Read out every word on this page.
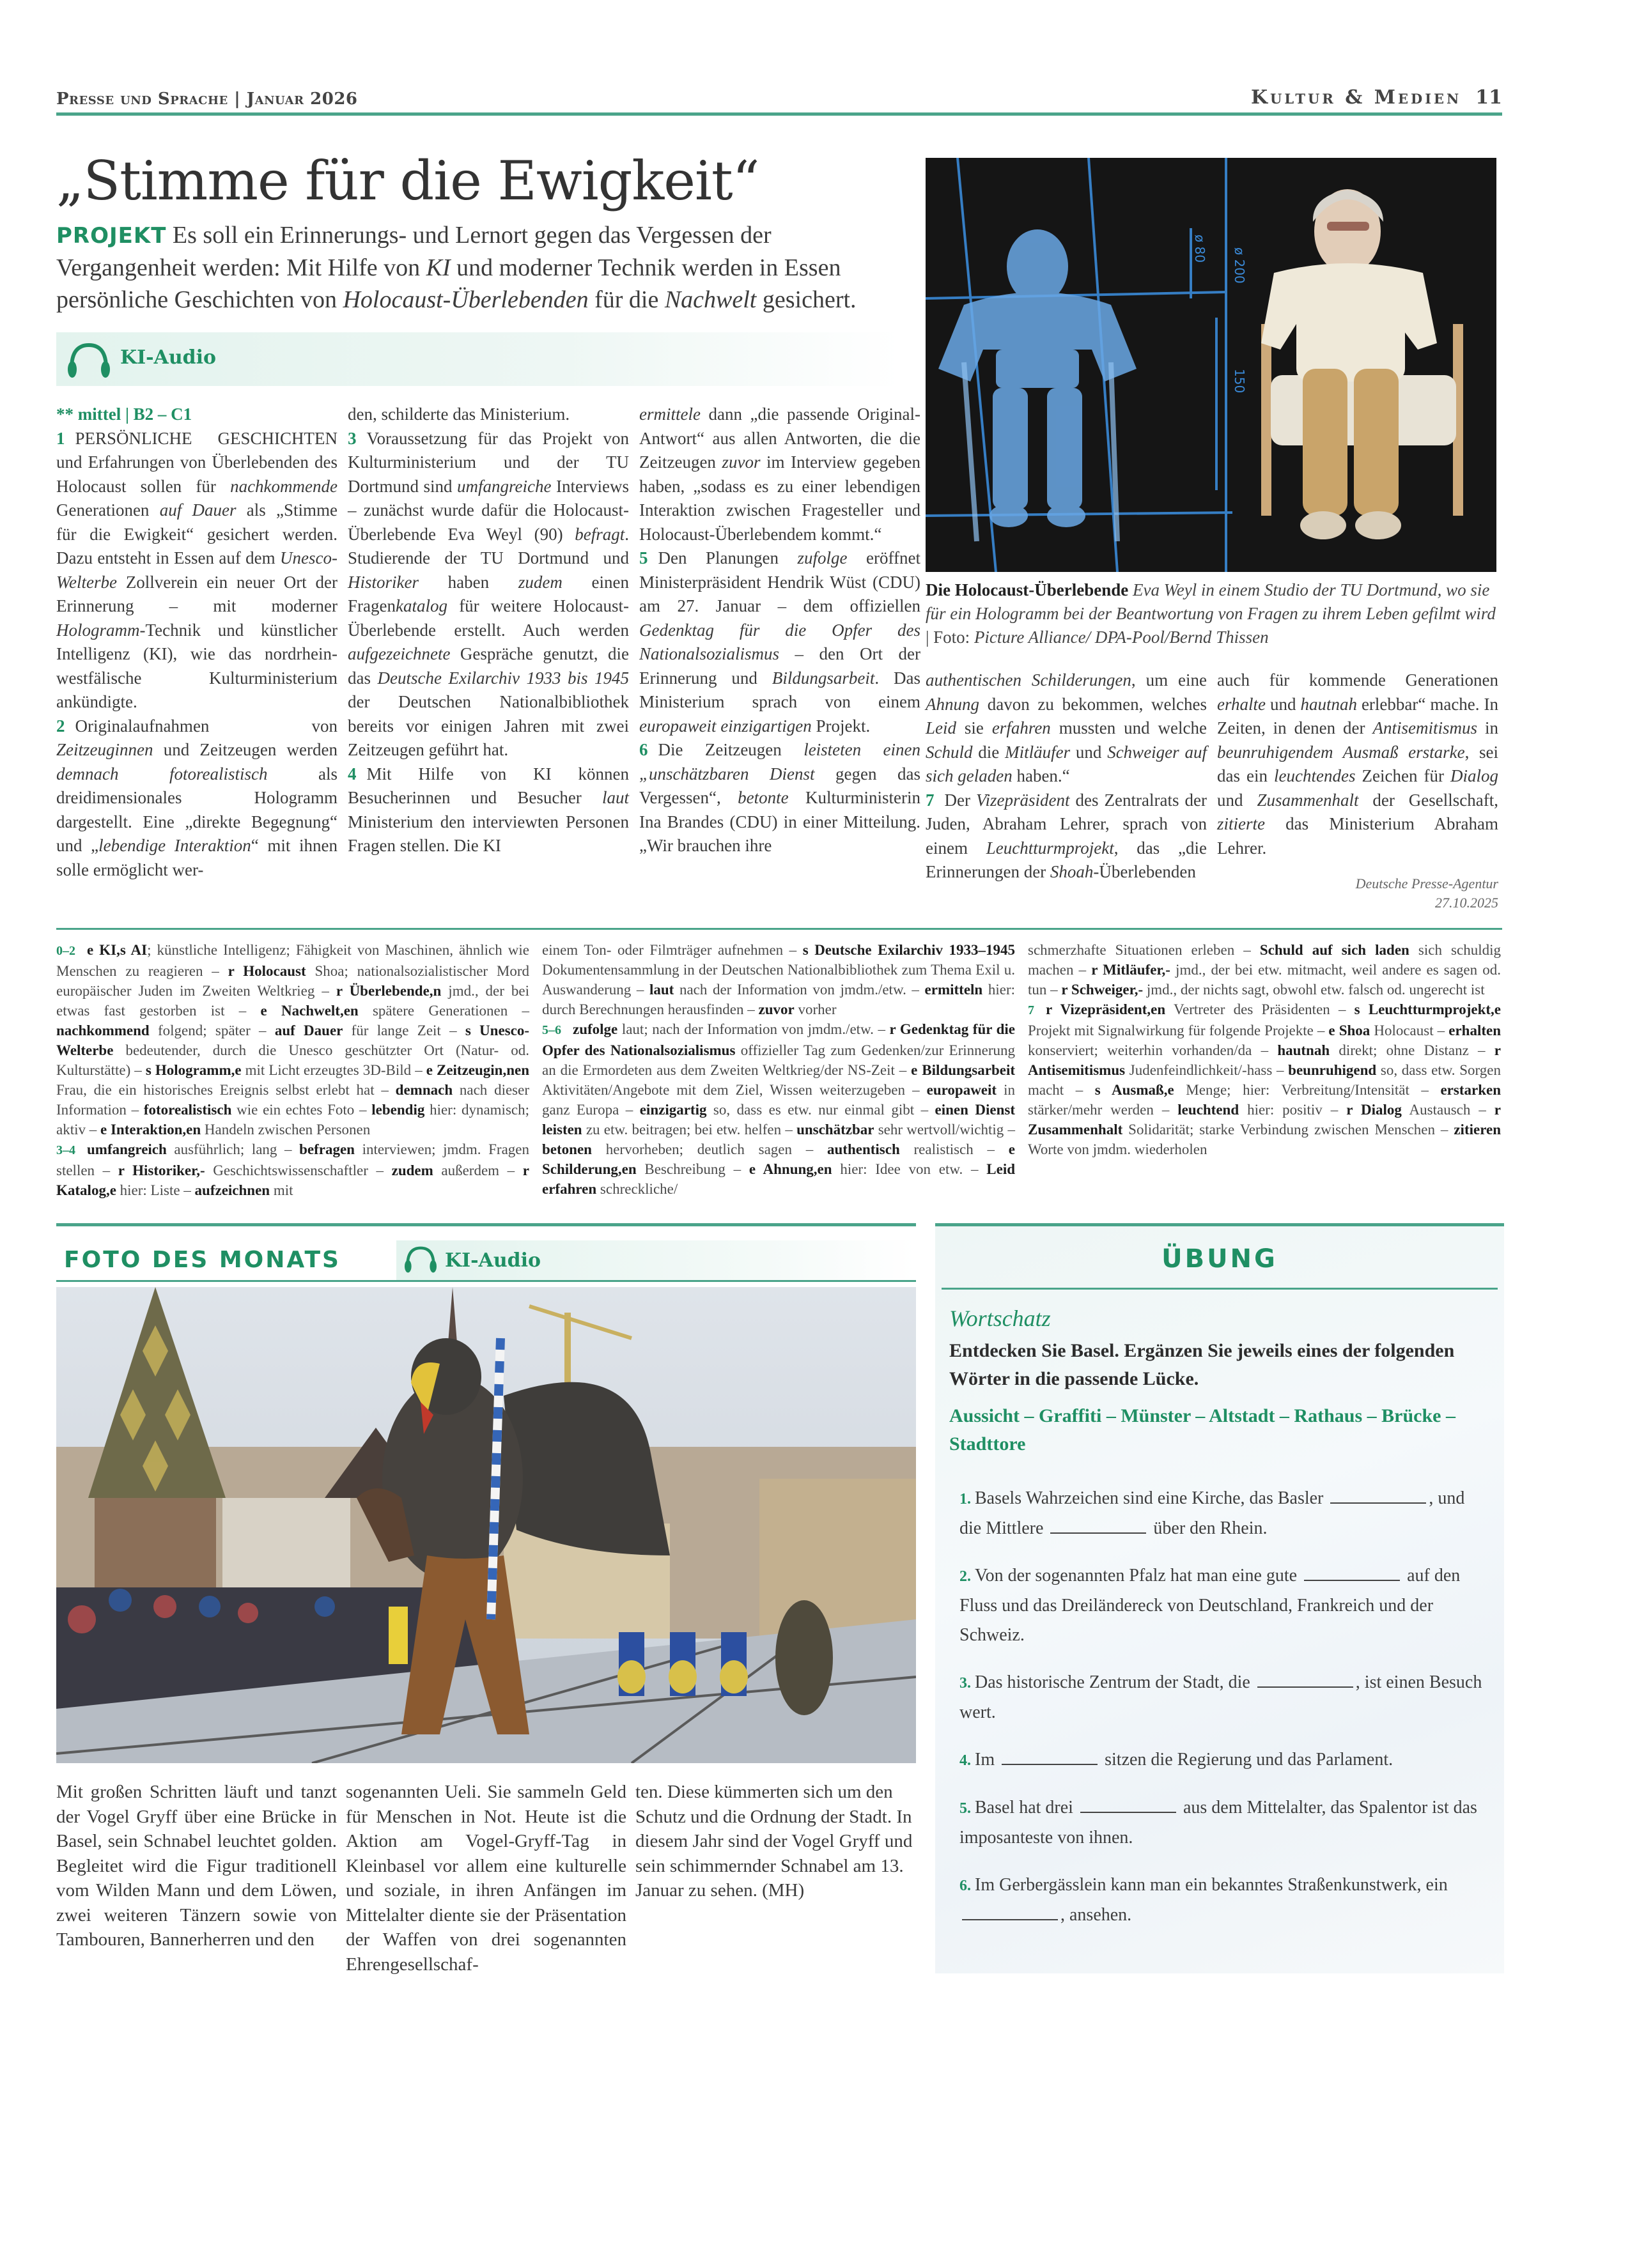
Presse und Sprache | Januar 2026	Kultur & Medien 11
„Stimme für die Ewigkeit“
PROJEKT Es soll ein Erinnerungs- und Lernort gegen das Vergessen der Vergangenheit werden: Mit Hilfe von KI und moderner Technik werden in Essen persönliche Geschichten von Holocaust-Überlebenden für die Nachwelt gesichert.
KI-Audio
** mittel | B2 – C1

1 PERSÖNLICHE GESCHICHTEN und Erfahrungen von Überlebenden des Holocaust sollen für nachkommende Generationen auf Dauer als „Stimme für die Ewigkeit“ gesichert werden. Dazu entsteht in Essen auf dem Unesco-Welterbe Zollverein ein neuer Ort der Erinnerung – mit moderner Hologramm-Technik und künstlicher Intelligenz (KI), wie das nordrhein-westfälische Kulturministerium ankündigte.

2 Originalaufnahmen von Zeitzeuginnen und Zeitzeugen werden demnach fotorealistisch als dreidimensionales Hologramm dargestellt. Eine „direkte Begegnung“ und „lebendige Interaktion“ mit ihnen solle ermöglicht wer-

den, schilderte das Ministerium.

3 Voraussetzung für das Projekt von Kulturministerium und der TU Dortmund sind umfangreiche Interviews – zunächst wurde dafür die Holocaust-Überlebende Eva Weyl (90) befragt. Studierende der TU Dortmund und Historiker haben zudem einen Fragenkatalog für weitere Holocaust-Überlebende erstellt. Auch werden aufgezeichnete Gespräche genutzt, die das Deutsche Exilarchiv 1933 bis 1945 der Deutschen Nationalbibliothek bereits vor einigen Jahren mit zwei Zeitzeugen geführt hat.

4 Mit Hilfe von KI können Besucherinnen und Besucher laut Ministerium den interviewten Personen Fragen stellen. Die KI

ermittele dann „die passende Original-Antwort“ aus allen Antworten, die die Zeitzeugen zuvor im Interview gegeben haben, „sodass es zu einer lebendigen Interaktion zwischen Fragesteller und Holocaust-Überlebendem kommt.“

5 Den Planungen zufolge eröffnet Ministerpräsident Hendrik Wüst (CDU) am 27. Januar – dem offiziellen Gedenktag für die Opfer des Nationalsozialismus – den Ort der Erinnerung und Bildungsarbeit. Das Ministerium sprach von einem europaweit einzigartigen Projekt.

6 Die Zeitzeugen leisteten einen „unschätzbaren Dienst gegen das Vergessen“, betonte Kulturministerin Ina Brandes (CDU) in einer Mitteilung. „Wir brauchen ihre

ø 80 ø 200
150
Die Holocaust-Überlebende Eva Weyl in einem Studio der TU Dortmund, wo sie für ein Hologramm bei der Beantwortung von Fragen zu ihrem Leben gefilmt wird | Foto: Picture Alliance/ DPA-Pool/Bernd Thissen

authentischen Schilderungen, um eine Ahnung davon zu bekommen, welches Leid sie erfahren mussten und welche Schuld die Mitläufer und Schweiger auf sich geladen haben.“

7 Der Vizepräsident des Zentralrats der Juden, Abraham Lehrer, sprach von einem Leuchtturmprojekt, das „die Erinnerungen der Shoah-Überlebenden

auch für kommende Generationen erhalte und hautnah erlebbar“ mache. In Zeiten, in denen der Antisemitismus in beunruhigendem Ausmaß erstarke, sei das ein leuchtendes Zeichen für Dialog und Zusammenhalt der Gesellschaft, zitierte das Ministerium Abraham Lehrer.

Deutsche Presse-Agentur
27.10.2025

0–2 e KI,s AI; künstliche Intelligenz; Fähigkeit von Maschinen, ähnlich wie Menschen zu reagieren – r Holocaust Shoa; nationalsozialistischer Mord europäischer Juden im Zweiten Weltkrieg – r Überlebende,n jmd., der bei etwas fast gestorben ist – e Nachwelt,en spätere Generationen – nachkommend folgend; später – auf Dauer für lange Zeit – s Unesco-Welterbe bedeutender, durch die Unesco geschützter Ort (Natur- od. Kulturstätte) – s Hologramm,e mit Licht erzeugtes 3D-Bild – e Zeitzeugin,nen Frau, die ein historisches Ereignis selbst erlebt hat – demnach nach dieser Information – fotorealistisch wie ein echtes Foto – lebendig hier: dynamisch; aktiv – e Interaktion,en Handeln zwischen Personen

3–4 umfangreich ausführlich; lang – befragen interviewen; jmdm. Fragen stellen – r Historiker,- Geschichtswissenschaftler – zudem außerdem – r Katalog,e hier: Liste – aufzeichnen mit

einem Ton- oder Filmträger aufnehmen – s Deutsche Exilarchiv 1933–1945 Dokumentensammlung in der Deutschen Nationalbibliothek zum Thema Exil u. Auswanderung – laut nach der Information von jmdm./etw. – ermitteln hier: durch Berechnungen herausfinden – zuvor vorher

5–6 zufolge laut; nach der Information von jmdm./etw. – r Gedenktag für die Opfer des Nationalsozialismus offizieller Tag zum Gedenken/zur Erinnerung an die Ermordeten aus dem Zweiten Weltkrieg/der NS-Zeit – e Bildungsarbeit Aktivitäten/Angebote mit dem Ziel, Wissen weiterzugeben – europaweit in ganz Europa – einzigartig so, dass es etw. nur einmal gibt – einen Dienst leisten zu etw. beitragen; bei etw. helfen – unschätzbar sehr wertvoll/wichtig – betonen hervorheben; deutlich sagen – authentisch realistisch – e Schilderung,en Beschreibung – e Ahnung,en hier: Idee von etw. – Leid erfahren schreckliche/

schmerzhafte Situationen erleben – Schuld auf sich laden sich schuldig machen – r Mitläufer,- jmd., der bei etw. mitmacht, weil andere es sagen od. tun – r Schweiger,- jmd., der nichts sagt, obwohl etw. falsch od. ungerecht ist

7 r Vizepräsident,en Vertreter des Präsidenten – s Leuchtturmprojekt,e Projekt mit Signalwirkung für folgende Projekte – e Shoa Holocaust – erhalten konserviert; weiterhin vorhanden/da – hautnah direkt; ohne Distanz – r Antisemitismus Judenfeindlichkeit/-hass – beunruhigend so, dass etw. Sorgen macht – s Ausmaß,e Menge; hier: Verbreitung/Intensität – erstarken stärker/mehr werden – leuchtend hier: positiv – r Dialog Austausch – r Zusammenhalt Solidarität; starke Verbindung zwischen Menschen – zitieren Worte von jmdm. wiederholen

FOTO DES MONATS	KI-Audio
Mit großen Schritten läuft und tanzt der Vogel Gryff über eine Brücke in Basel, sein Schnabel leuchtet golden. Begleitet wird die Figur traditionell vom Wilden Mann und dem Löwen, zwei weiteren Tänzern sowie von Tambouren, Bannerherren und den
sogenannten Ueli. Sie sammeln Geld für Menschen in Not. Heute ist die Aktion am Vogel-Gryff-Tag in Kleinbasel vor allem eine kulturelle und soziale, in ihren Anfängen im Mittelalter diente sie der Präsentation der Waffen von drei sogenannten Ehrengesellschaf-
ten. Diese kümmerten sich um den Schutz und die Ordnung der Stadt. In diesem Jahr sind der Vogel Gryff und sein schimmernder Schnabel am 13. Januar zu sehen. (MH)
ÜBUNG
Wortschatz
Entdecken Sie Basel. Ergänzen Sie jeweils eines der folgenden Wörter in die passende Lücke.
Aussicht – Graffiti – Münster – Altstadt – Rathaus – Brücke – Stadttore
1. Basels Wahrzeichen sind eine Kirche, das Basler	, und die Mittlere	über den Rhein.
2. Von der sogenannten Pfalz hat man eine gute	auf den Fluss und das Dreiländereck von Deutschland, Frankreich und der Schweiz.
3. Das historische Zentrum der Stadt, die	, ist einen Besuch wert.
4. Im	sitzen die Regierung und das Parlament.
5. Basel hat drei	aus dem Mittelalter, das Spalentor ist das imposanteste von ihnen.
6. Im Gerbergässlein kann man ein bekanntes Straßenkunstwerk, ein , ansehen.
